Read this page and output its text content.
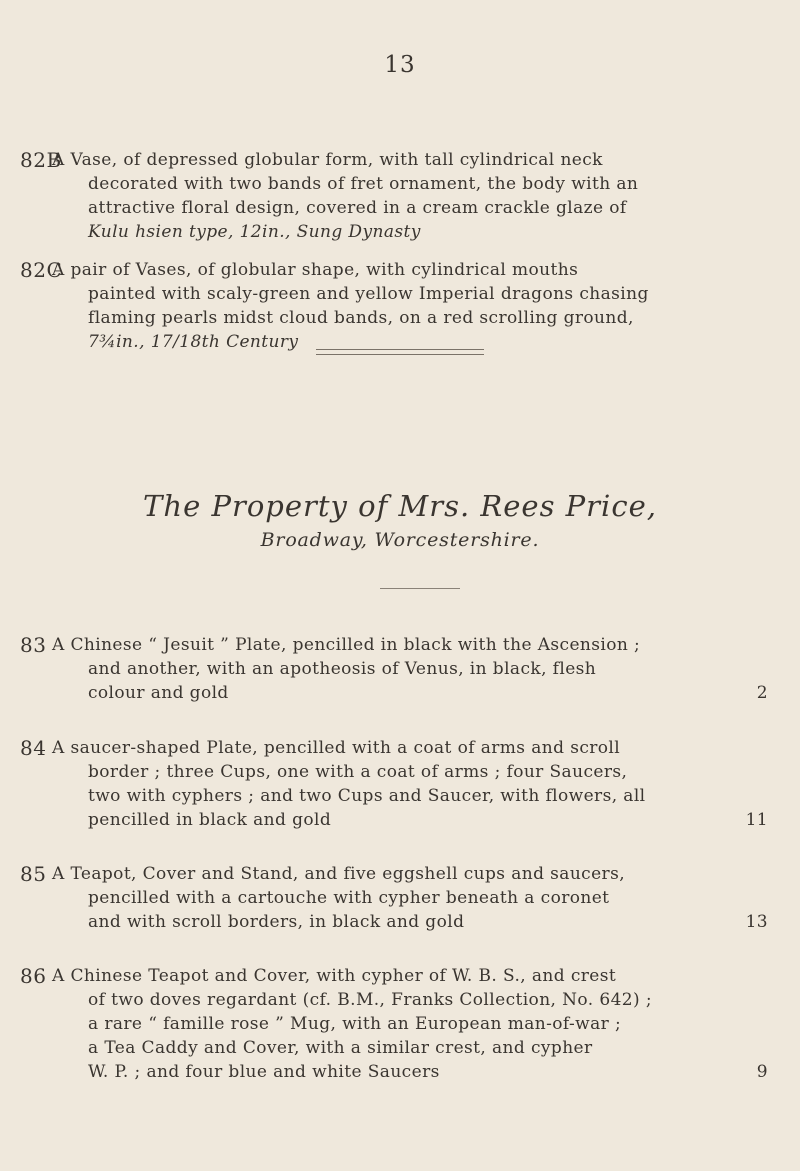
13
82B
A Vase, of depressed globular form, with tall cylindrical neck
decorated with two bands of fret ornament, the body with an
attractive floral design, covered in a cream crackle glaze of
Kulu hsien type, 12in., Sung Dynasty
82C
A pair of Vases, of globular shape, with cylindrical mouths
painted with scaly-green and yellow Imperial dragons chasing
flaming pearls midst cloud bands, on a red scrolling ground,
7¾in., 17/18th Century
The Property of Mrs. Rees Price,
Broadway, Worcestershire.
83 A Chinese “ Jesuit ” Plate, pencilled in black with the Ascension ;
and another, with an apotheosis of Venus, in black, flesh
colour and gold	2
84 A saucer-shaped Plate, pencilled with a coat of arms and scroll
border ; three Cups, one with a coat of arms ; four Saucers,
two with cyphers ; and two Cups and Saucer, with flowers, all
pencilled in black and gold	11
85 A Teapot, Cover and Stand, and five eggshell cups and saucers,
pencilled with a cartouche with cypher beneath a coronet
and with scroll borders, in black and gold	13
86 A Chinese Teapot and Cover, with cypher of W. B. S., and crest
of two doves regardant (cf. B.M., Franks Collection, No. 642) ;
a rare “ famille rose ” Mug, with an European man-of-war ;
a Tea Caddy and Cover, with a similar crest, and cypher
W. P. ; and four blue and white Saucers	9
